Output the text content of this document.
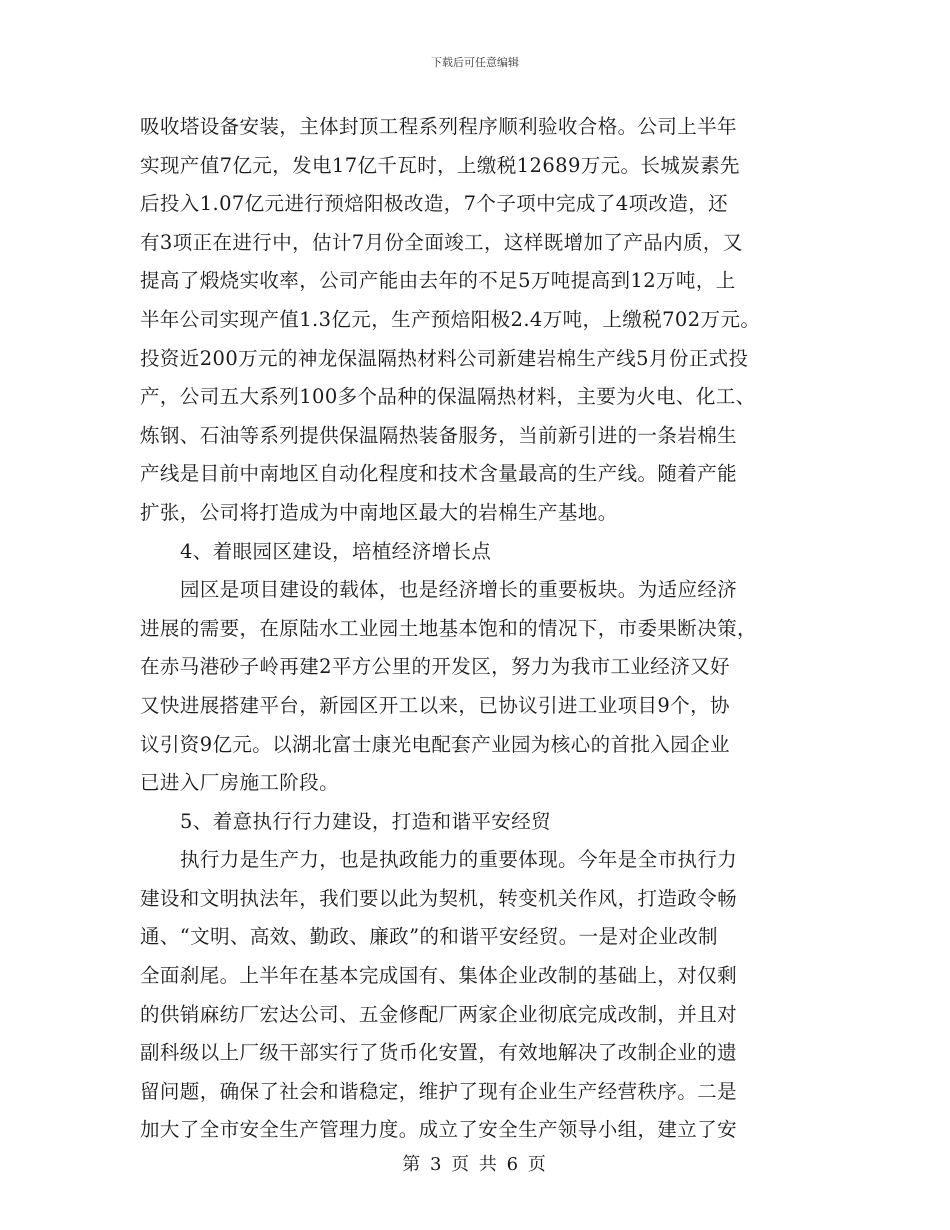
下载后可任意编辑
吸收塔设备安装，主体封顶工程系列程序顺利验收合格。公司上半年
实现产值7亿元，发电17亿千瓦时，上缴税12689万元。长城炭素先
后投入1.07亿元进行预焙阳极改造，7个子项中完成了4项改造，还
有3项正在进行中，估计7月份全面竣工，这样既增加了产品内质，又
提高了煅烧实收率，公司产能由去年的不足5万吨提高到12万吨，上
半年公司实现产值1.3亿元，生产预焙阳极2.4万吨，上缴税702万元。
投资近200万元的神龙保温隔热材料公司新建岩棉生产线5月份正式投
产，公司五大系列100多个品种的保温隔热材料，主要为火电、化工、
炼钢、石油等系列提供保温隔热装备服务，当前新引进的一条岩棉生
产线是目前中南地区自动化程度和技术含量最高的生产线。随着产能
扩张，公司将打造成为中南地区最大的岩棉生产基地。
4、着眼园区建设，培植经济增长点
园区是项目建设的载体，也是经济增长的重要板块。为适应经济
进展的需要，在原陆水工业园土地基本饱和的情况下，市委果断决策，
在赤马港砂子岭再建2平方公里的开发区，努力为我市工业经济又好
又快进展搭建平台，新园区开工以来，已协议引进工业项目9个，协
议引资9亿元。以湖北富士康光电配套产业园为核心的首批入园企业
已进入厂房施工阶段。
5、着意执行行力建设，打造和谐平安经贸
执行力是生产力，也是执政能力的重要体现。今年是全市执行力
建设和文明执法年，我们要以此为契机，转变机关作风，打造政令畅
通、“文明、高效、勤政、廉政”的和谐平安经贸。一是对企业改制
全面刹尾。上半年在基本完成国有、集体企业改制的基础上，对仅剩
的供销麻纺厂宏达公司、五金修配厂两家企业彻底完成改制，并且对
副科级以上厂级干部实行了货币化安置，有效地解决了改制企业的遗
留问题，确保了社会和谐稳定，维护了现有企业生产经营秩序。二是
加大了全市安全生产管理力度。成立了安全生产领导小组，建立了安
第 3 页 共 6 页
